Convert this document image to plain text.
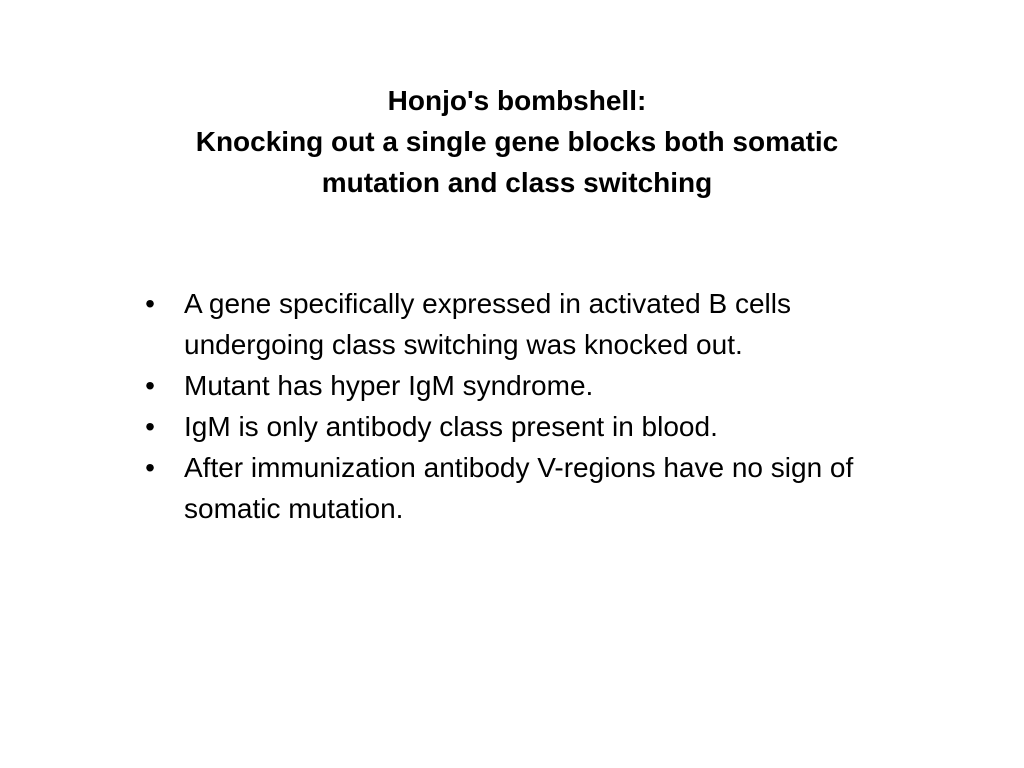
Honjo's bombshell:
Knocking out a single gene blocks both somatic
mutation and class switching
• A gene specifically expressed in activated B cells undergoing class switching was knocked out.
• Mutant has hyper IgM syndrome.
• IgM is only antibody class present in blood.
• After immunization antibody V-regions have no sign of somatic mutation.
